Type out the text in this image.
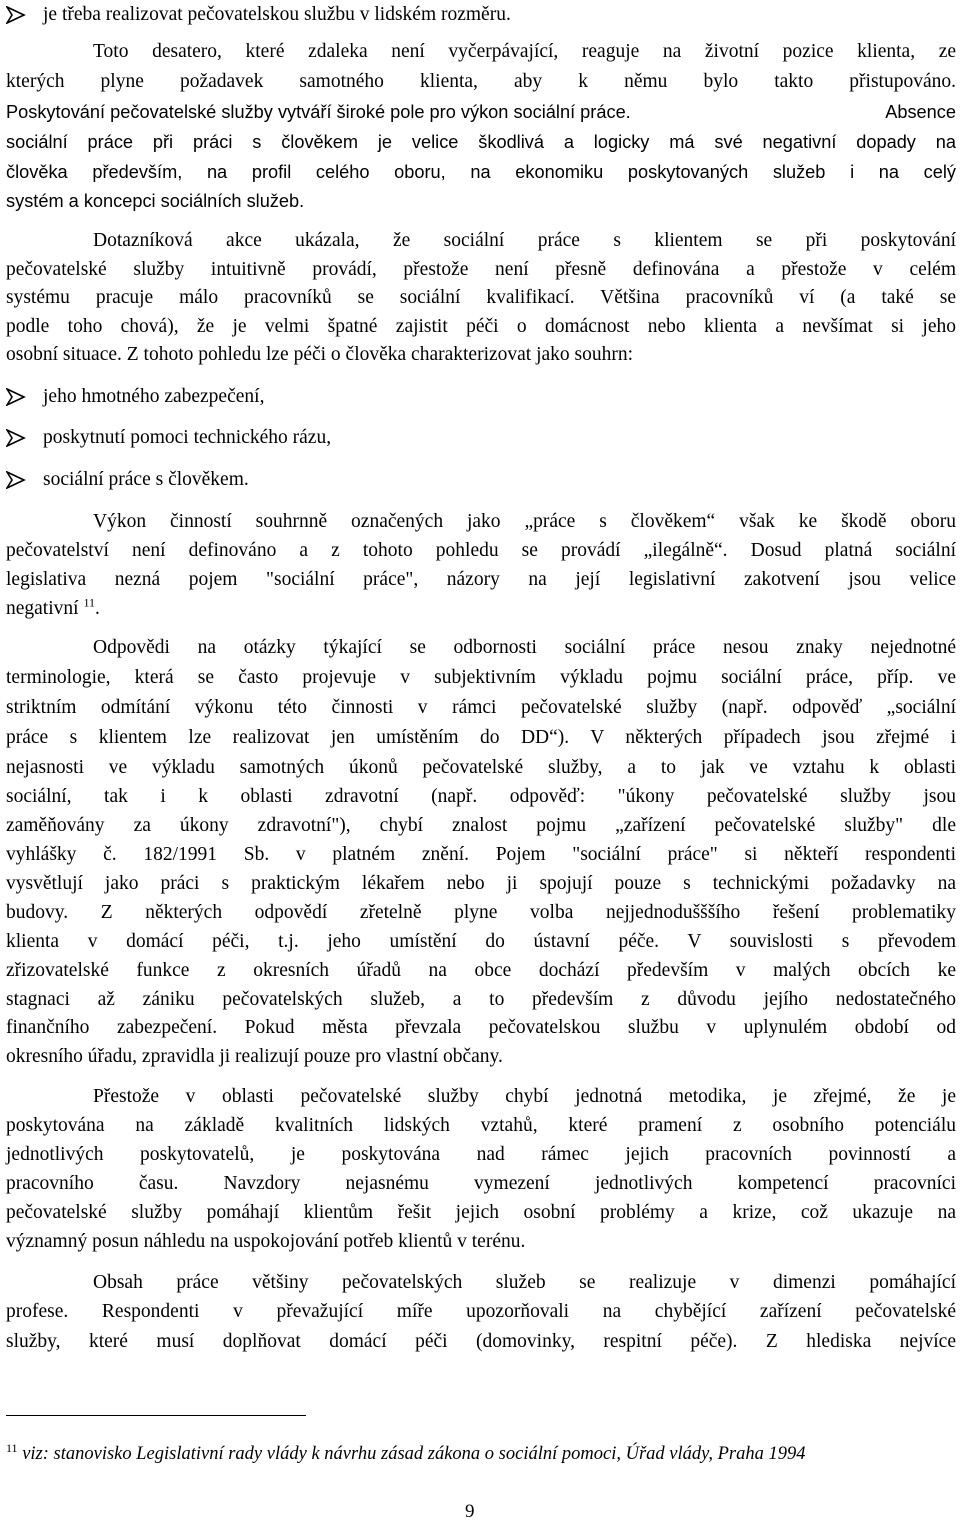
je třeba realizovat pečovatelskou službu v lidském rozměru.
Toto desatero, které zdaleka není vyčerpávající, reaguje na životní pozice klienta, ze
kterých plyne požadavek samotného klienta, aby k němu bylo takto přistupováno.
Poskytování pečovatelské služby vytváří široké pole pro výkon sociální práce.	Absence
sociální práce při práci s člověkem je velice škodlivá a logicky má své negativní dopady na
člověka především, na profil celého oboru, na ekonomiku poskytovaných služeb i na celý
systém a koncepci sociálních služeb.
Dotazníková akce ukázala, že sociální práce s klientem se při poskytování
pečovatelské služby intuitivně provádí, přestože není přesně definována a přestože v celém
systému pracuje málo pracovníků se sociální kvalifikací. Většina pracovníků ví (a také se
podle toho chová), že je velmi špatné zajistit péči o domácnost nebo klienta a nevšímat si jeho
osobní situace. Z tohoto pohledu lze péči o člověka charakterizovat jako souhrn:
jeho hmotného zabezpečení,
poskytnutí pomoci technického rázu,
sociální práce s člověkem.
Výkon činností souhrnně označených jako „práce s člověkem“ však ke škodě oboru
pečovatelství není definováno a z tohoto pohledu se provádí „ilegálně“. Dosud platná sociální
legislativa nezná pojem "sociální práce", názory na její legislativní zakotvení jsou velice
negativní $^{11}$.
Odpovědi na otázky týkající se odbornosti sociální práce nesou znaky nejednotné
terminologie, která se často projevuje v subjektivním výkladu pojmu sociální práce, příp. ve
striktním odmítání výkonu této činnosti v rámci pečovatelské služby (např. odpověď „sociální
práce s klientem lze realizovat jen umístěním do DD“). V některých případech jsou zřejmé i
nejasnosti ve výkladu samotných úkonů pečovatelské služby, a to jak ve vztahu k oblasti
sociální, tak i k oblasti zdravotní (např. odpověď: "úkony pečovatelské služby jsou
zaměňovány za úkony zdravotní"), chybí znalost pojmu „zařízení pečovatelské služby" dle
vyhlášky č. 182/1991 Sb. v platném znění. Pojem "sociální práce" si někteří respondenti
vysvětlují jako práci s praktickým lékařem nebo ji spojují pouze s technickými požadavky na
budovy. Z některých odpovědí zřetelně plyne volba nejjednodušššího řešení problematiky
klienta v domácí péči, t.j. jeho umístění do ústavní péče. V souvislosti s převodem
zřizovatelské funkce z okresních úřadů na obce dochází především v malých obcích ke
stagnaci až zániku pečovatelských služeb, a to především z důvodu jejího nedostatečného
finančního zabezpečení. Pokud města převzala pečovatelskou službu v uplynulém období od
okresního úřadu, zpravidla ji realizují pouze pro vlastní občany.
Přestože v oblasti pečovatelské služby chybí jednotná metodika, je zřejmé, že je
poskytována na základě kvalitních lidských vztahů, které pramení z osobního potenciálu
jednotlivých poskytovatelů, je poskytována nad rámec jejich pracovních povinností a
pracovního času. Navzdory nejasnému vymezení jednotlivých kompetencí pracovníci
pečovatelské služby pomáhají klientům řešit jejich osobní problémy a krize, což ukazuje na
významný posun náhledu na uspokojování potřeb klientů v terénu.
Obsah práce většiny pečovatelských služeb se realizuje v dimenzi pomáhající
profese. Respondenti v převažující míře upozorňovali na chybějící zařízení pečovatelské
služby, které musí doplňovat domácí péči (domovinky, respitní péče). Z hlediska nejvíce
$^{11}$ viz: stanovisko Legislativní rady vlády k návrhu zásad zákona o sociální pomoci, Úřad vlády, Praha 1994
9
